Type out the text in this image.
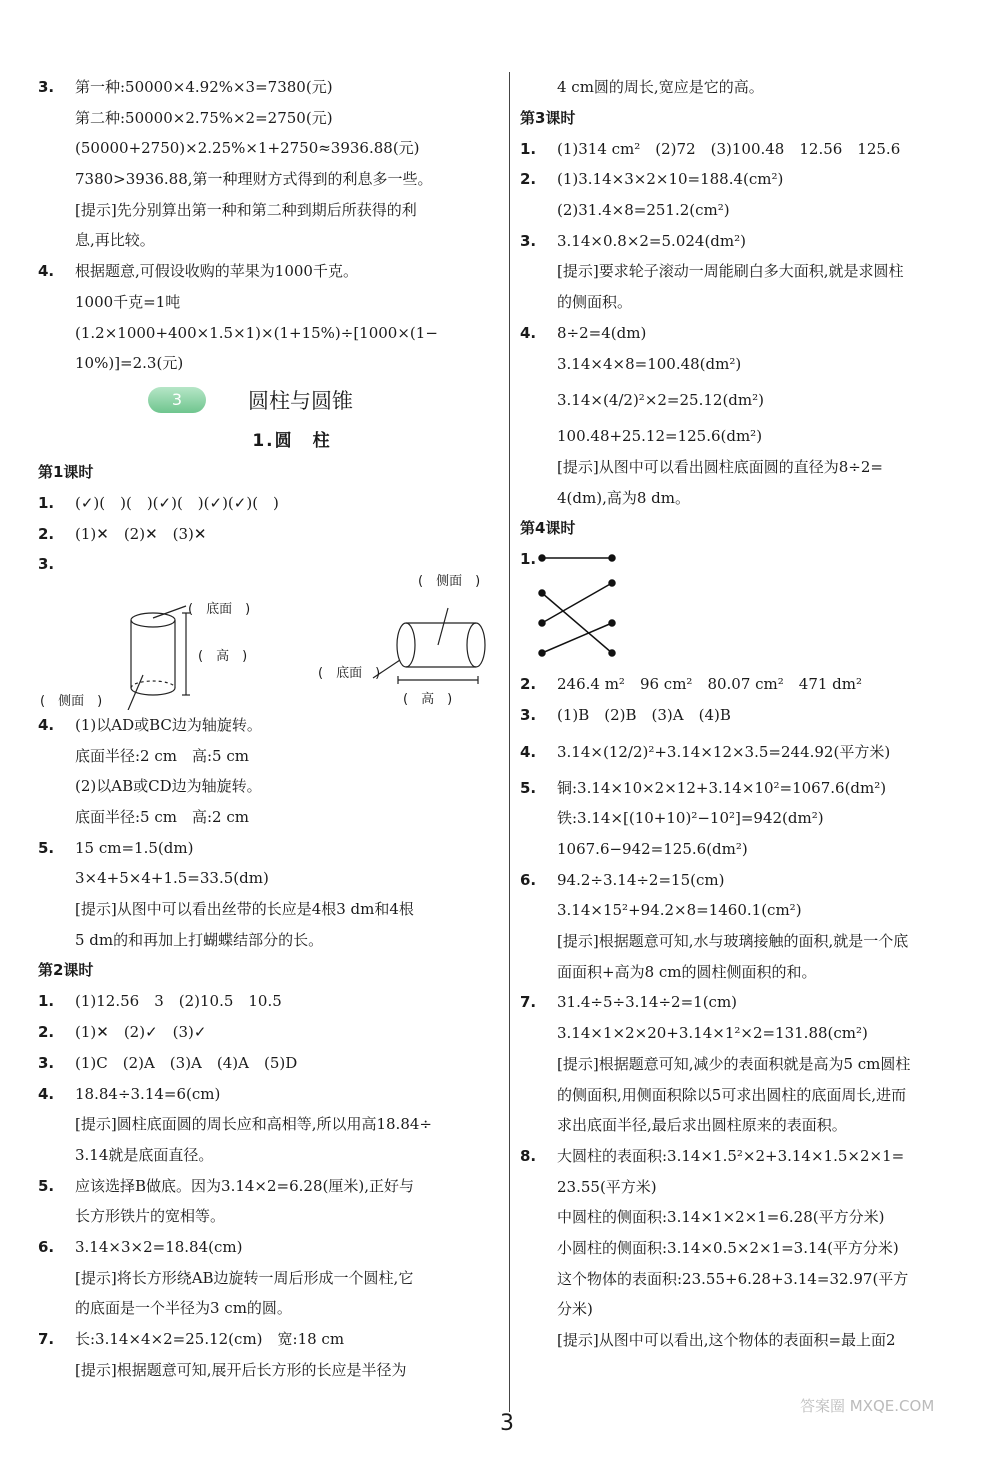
3. 第一种:50000×4.92%×3=7380(元)
第二种:50000×2.75%×2=2750(元)
(50000+2750)×2.25%×1+2750≈3936.88(元)
7380>3936.88,第一种理财方式得到的利息多一些。
[提示]先分别算出第一种和第二种到期后所获得的利
息,再比较。
4. 根据题意,可假设收购的苹果为1000千克。
1000千克=1吨
(1.2×1000+400×1.5×1)×(1+15%)÷[1000×(1−
10%)]=2.3(元)
3	圆柱与圆锥
1.圆　柱
第1课时
1. (✓)(　)(　)(✓)(　)(✓)(✓)(　)
2. (1)✕　(2)✕　(3)✕
3.
(　底面　)
(　高　)
(　侧面　)
(　侧面　)
(　底面　)
(　高　)
4. (1)以AD或BC边为轴旋转。
底面半径:2 cm　高:5 cm
(2)以AB或CD边为轴旋转。
底面半径:5 cm　高:2 cm
5. 15 cm=1.5(dm)
3×4+5×4+1.5=33.5(dm)
[提示]从图中可以看出丝带的长应是4根3 dm和4根
5 dm的和再加上打蝴蝶结部分的长。
第2课时
1. (1)12.56　3　(2)10.5　10.5
2. (1)✕　(2)✓　(3)✓
3. (1)C　(2)A　(3)A　(4)A　(5)D
4. 18.84÷3.14=6(cm)
[提示]圆柱底面圆的周长应和高相等,所以用高18.84÷
3.14就是底面直径。
5. 应该选择B做底。因为3.14×2=6.28(厘米),正好与
长方形铁片的宽相等。
6. 3.14×3×2=18.84(cm)
[提示]将长方形绕AB边旋转一周后形成一个圆柱,它
的底面是一个半径为3 cm的圆。
7. 长:3.14×4×2=25.12(cm)　宽:18 cm
[提示]根据题意可知,展开后长方形的长应是半径为
4 cm圆的周长,宽应是它的高。
第3课时
1. (1)314 cm²　(2)72　(3)100.48　12.56　125.6
2. (1)3.14×3×2×10=188.4(cm²)
(2)31.4×8=251.2(cm²)
3. 3.14×0.8×2=5.024(dm²)
[提示]要求轮子滚动一周能刷白多大面积,就是求圆柱
的侧面积。
4. 8÷2=4(dm)
3.14×4×8=100.48(dm²)
3.14×(4/2)²×2=25.12(dm²)
100.48+25.12=125.6(dm²)
[提示]从图中可以看出圆柱底面圆的直径为8÷2=
4(dm),高为8 dm。
第4课时
1.
2. 246.4 m²　96 cm²　80.07 cm²　471 dm²
3. (1)B　(2)B　(3)A　(4)B
4. 3.14×(12/2)²+3.14×12×3.5=244.92(平方米)
5. 铜:3.14×10×2×12+3.14×10²=1067.6(dm²)
铁:3.14×[(10+10)²−10²]=942(dm²)
1067.6−942=125.6(dm²)
6. 94.2÷3.14÷2=15(cm)
3.14×15²+94.2×8=1460.1(cm²)
[提示]根据题意可知,水与玻璃接触的面积,就是一个底
面面积+高为8 cm的圆柱侧面积的和。
7. 31.4÷5÷3.14÷2=1(cm)
3.14×1×2×20+3.14×1²×2=131.88(cm²)
[提示]根据题意可知,减少的表面积就是高为5 cm圆柱
的侧面积,用侧面积除以5可求出圆柱的底面周长,进而
求出底面半径,最后求出圆柱原来的表面积。
8. 大圆柱的表面积:3.14×1.5²×2+3.14×1.5×2×1=
23.55(平方米)
中圆柱的侧面积:3.14×1×2×1=6.28(平方分米)
小圆柱的侧面积:3.14×0.5×2×1=3.14(平方分米)
这个物体的表面积:23.55+6.28+3.14=32.97(平方
分米)
[提示]从图中可以看出,这个物体的表面积=最上面2
3
答案圈 MXQE.COM
